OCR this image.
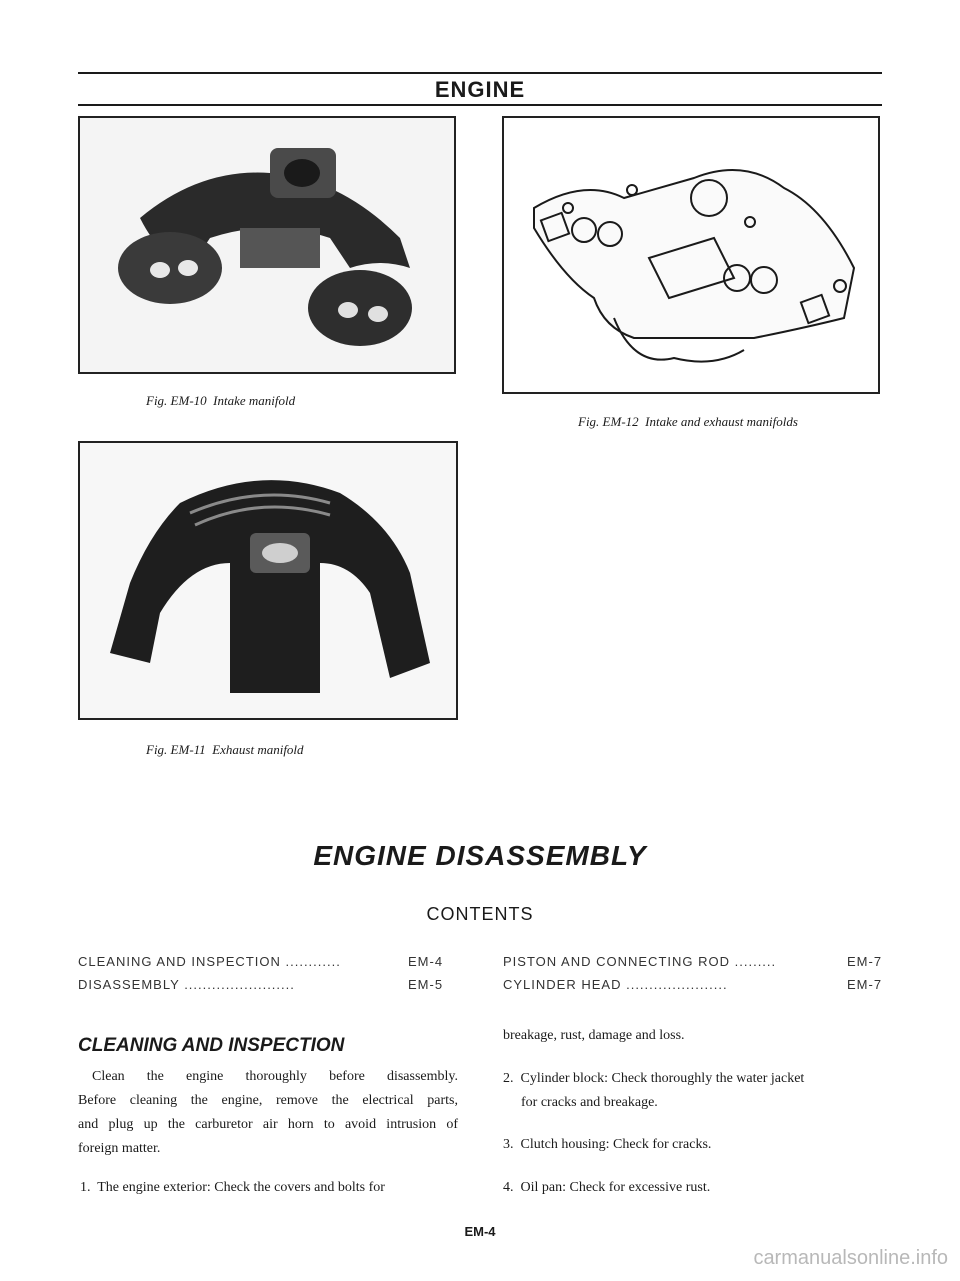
ENGINE
Fig. EM-10 Intake manifold
Fig. EM-12 Intake and exhaust manifolds
Fig. EM-11 Exhaust manifold
ENGINE DISASSEMBLY
CONTENTS
CLEANING AND INSPECTION ............	EM-4
DISASSEMBLY ........................	EM-5
PISTON AND CONNECTING ROD .........	EM-7
CYLINDER HEAD ......................	EM-7
CLEANING AND INSPECTION
Clean the engine thoroughly before disassembly.
Before cleaning the engine, remove the electrical parts,
and plug up the carburetor air horn to avoid intrusion of
foreign matter.
1.  The engine exterior: Check the covers and bolts for
breakage, rust, damage and loss.
2.  Cylinder block: Check thoroughly the water jacket
for cracks and breakage.
3.  Clutch housing: Check for cracks.
4.  Oil pan: Check for excessive rust.
EM-4
carmanualsonline.info
